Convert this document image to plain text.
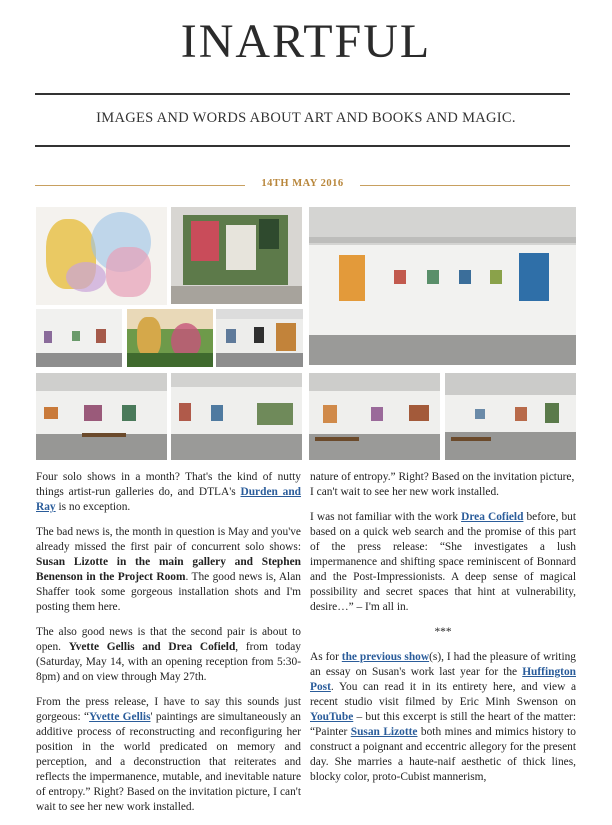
INARTFUL
IMAGES AND WORDS ABOUT ART AND BOOKS AND MAGIC.
14TH MAY 2016

Four solo shows in a month? That's the kind of nutty things artist-run galleries do, and DTLA's Durden and Ray is no exception.

The bad news is, the month in question is May and you've already missed the first pair of concurrent solo shows: Susan Lizotte in the main gallery and Stephen Benenson in the Project Room. The good news is, Alan Shaffer took some gorgeous installation shots and I'm posting them here.

The also good news is that the second pair is about to open. Yvette Gellis and Drea Cofield, from today (Saturday, May 14, with an opening reception from 5:30-8pm) and on view through May 27th.

From the press release, I have to say this sounds just gorgeous: “Yvette Gellis' paintings are simultaneously an additive process of reconstructing and reconfiguring her position in the world predicated on memory and perception, and a deconstruction that reiterates and reflects the impermanence, mutable, and inevitable nature of entropy.” Right? Based on the invitation picture, I can't wait to see her new work installed.

nature of entropy.” Right? Based on the invitation picture, I can't wait to see her new work installed.

I was not familiar with the work Drea Cofield before, but based on a quick web search and the promise of this part of the press release: “She investigates a lush impermanence and shifting space reminiscent of Bonnard and the Post-Impressionists. A deep sense of magical possibility and secret spaces that hint at vulnerability, desire…” – I'm all in.

***

As for the previous show(s), I had the pleasure of writing an essay on Susan's work last year for the Huffington Post. You can read it in its entirety here, and view a recent studio visit filmed by Eric Minh Swenson on YouTube – but this excerpt is still the heart of the matter: “Painter Susan Lizotte both mines and mimics history to construct a poignant and eccentric allegory for the present day. She marries a haute-naif aesthetic of thick lines, blocky color, proto-Cubist mannerism,
